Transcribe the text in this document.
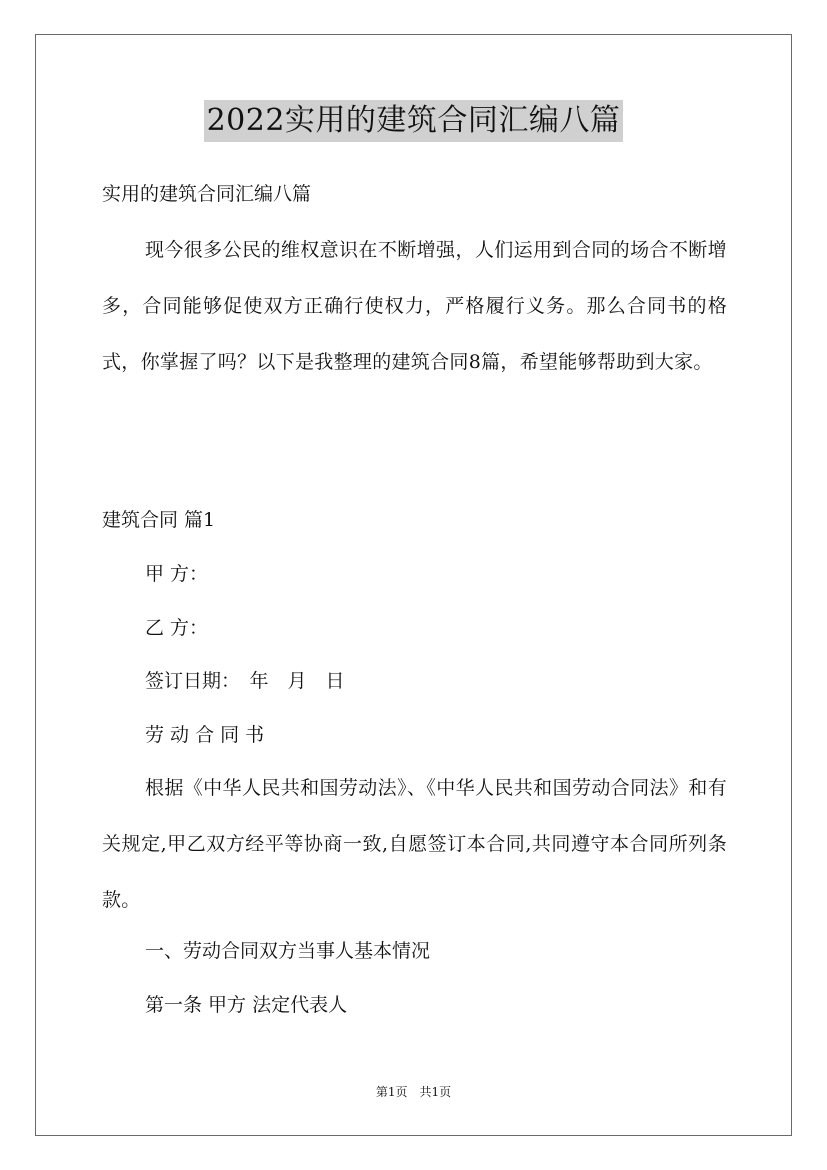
2022实用的建筑合同汇编八篇
实用的建筑合同汇编八篇
现今很多公民的维权意识在不断增强，人们运用到合同的场合不断增多，合同能够促使双方正确行使权力，严格履行义务。那么合同书的格式，你掌握了吗？以下是我整理的建筑合同8篇，希望能够帮助到大家。
建筑合同 篇1
甲 方：
乙 方：
签订日期：　年　月　日
劳 动 合 同 书
根据《中华人民共和国劳动法》、《中华人民共和国劳动合同法》和有关规定,甲乙双方经平等协商一致,自愿签订本合同,共同遵守本合同所列条款。
一、劳动合同双方当事人基本情况
第一条 甲方 法定代表人
第1页　共1页
